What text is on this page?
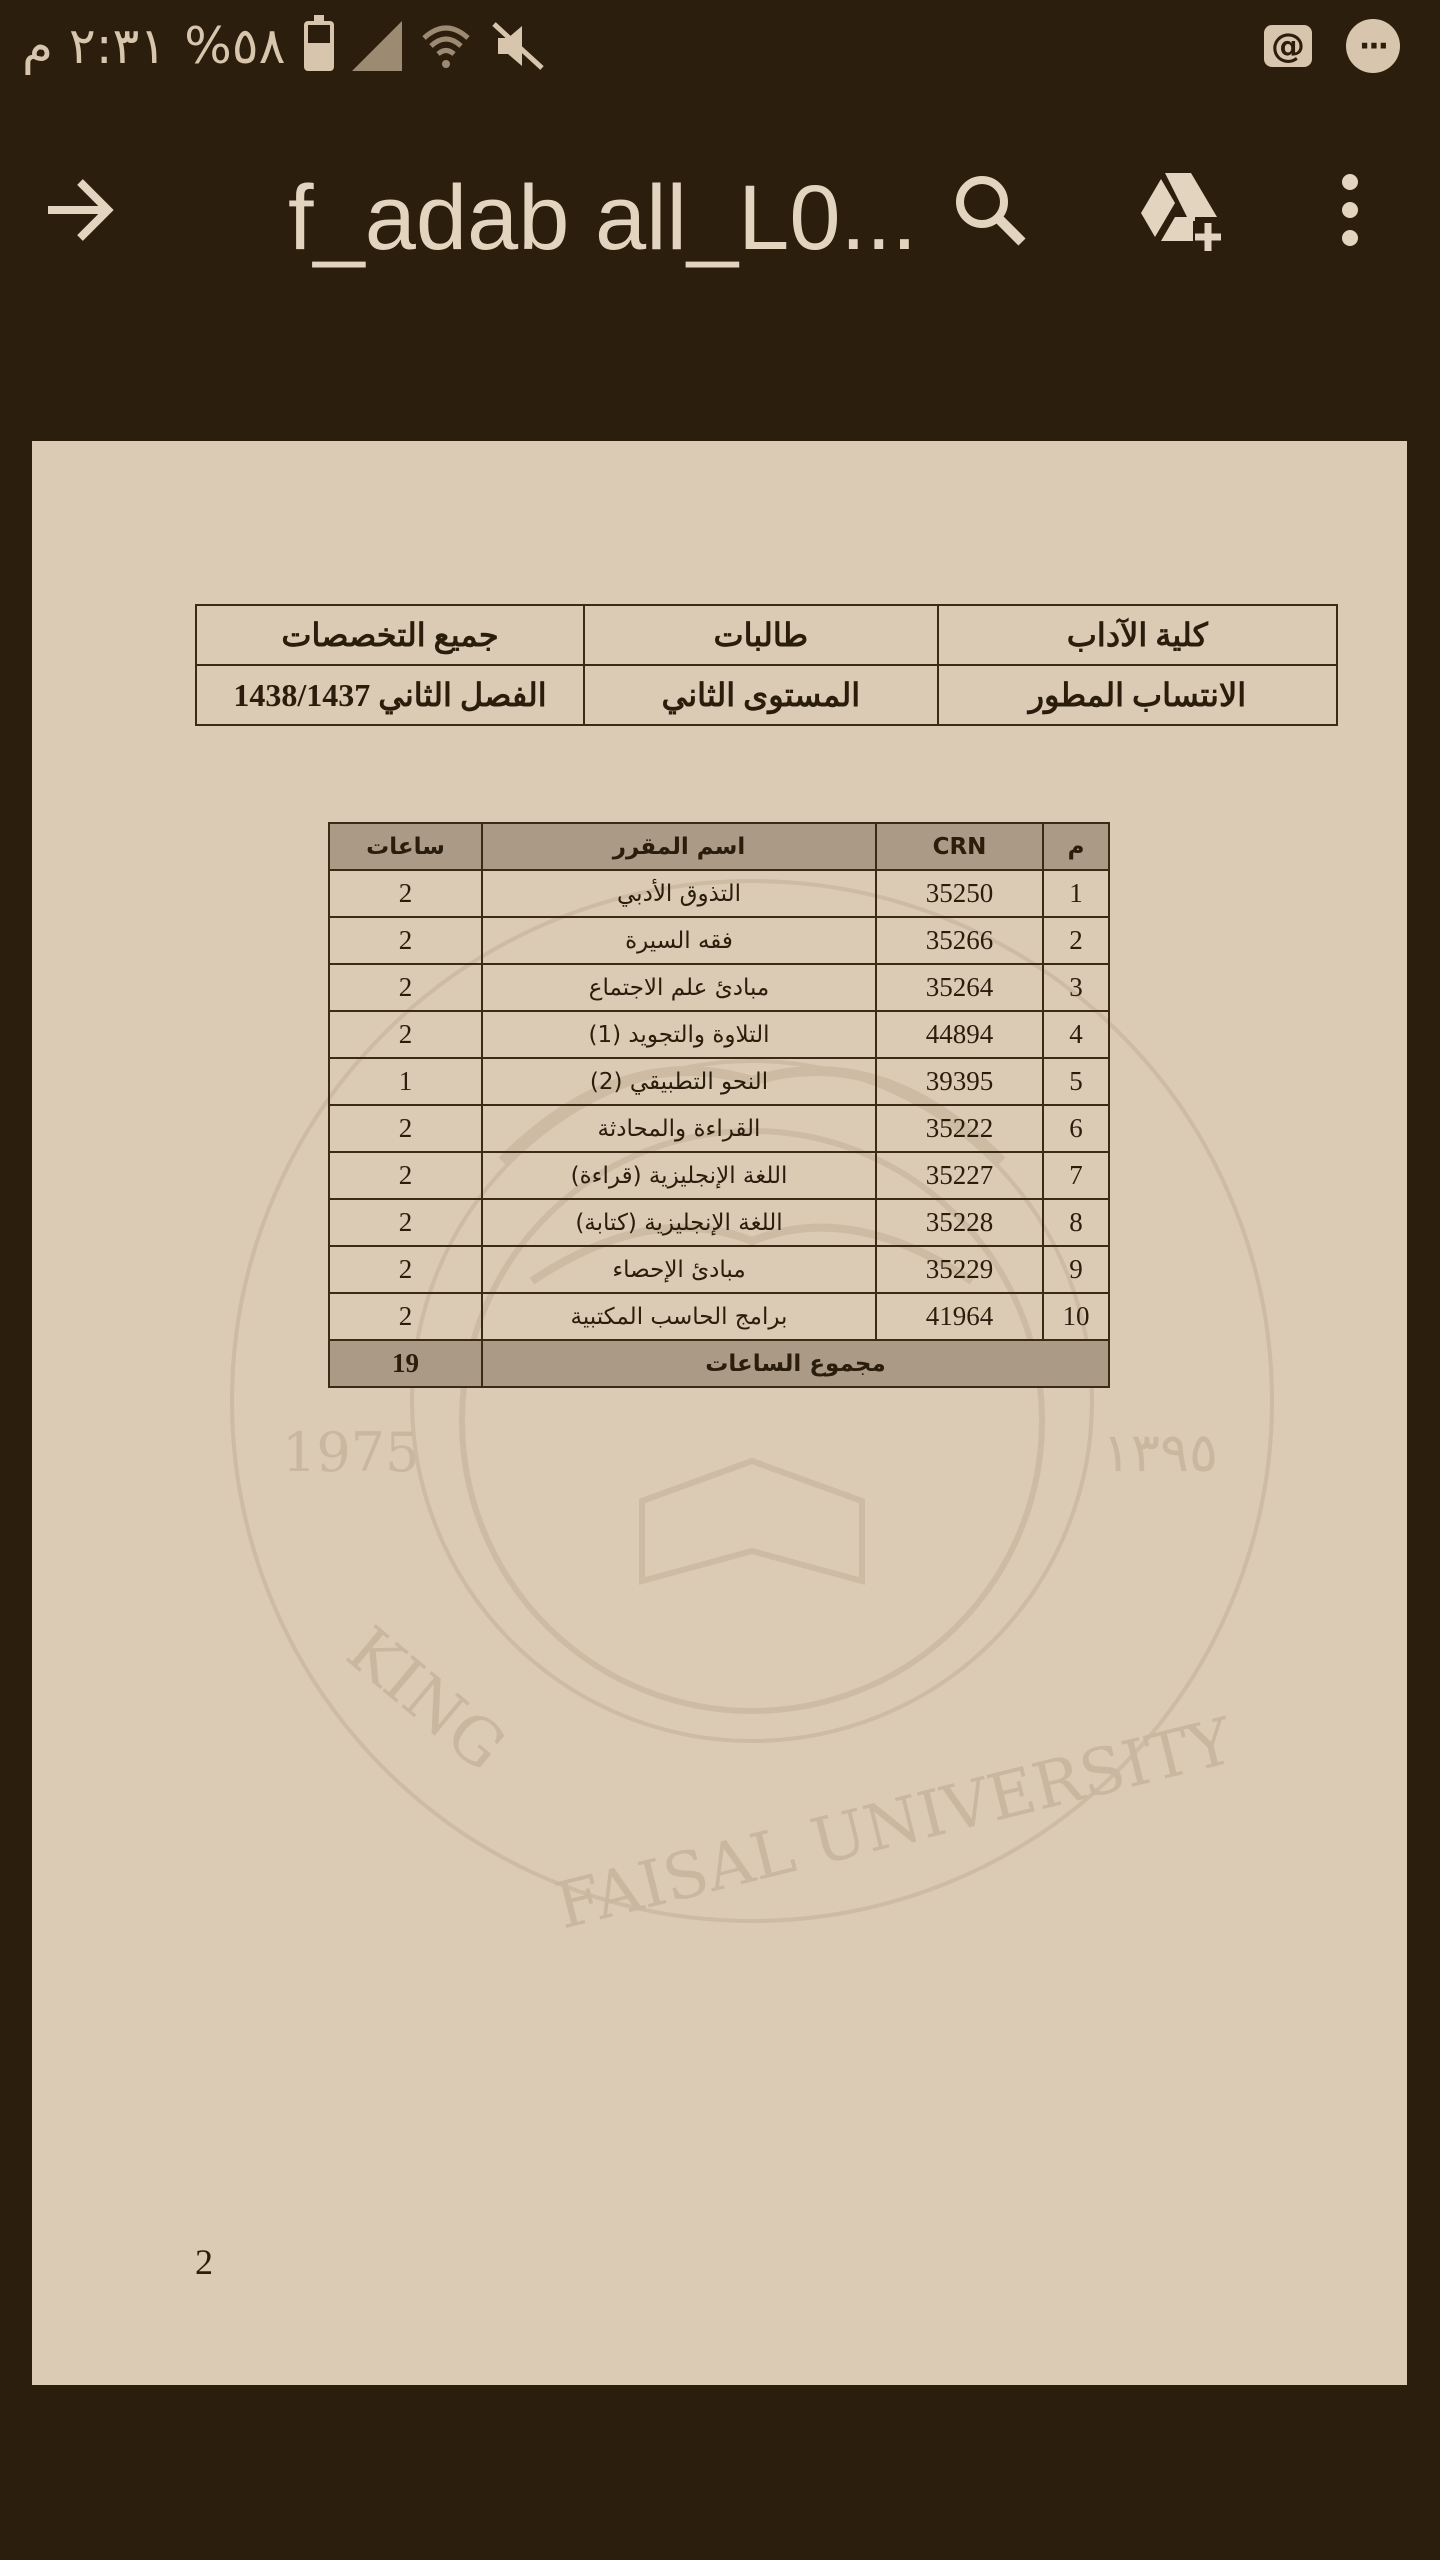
٢:٣١ م %٥٨	@	···
f_adab all_L0...
1975	١٣٩٥
KING
FAISAL UNIVERSITY
كلية الآداب	طالبات	جميع التخصصات
الانتساب المطور	المستوى الثاني	الفصل الثاني 1438/1437
م	CRN	اسم المقرر	ساعات
1	35250	التذوق الأدبي	2
2	35266	فقه السيرة	2
3	35264	مبادئ علم الاجتماع	2
4	44894	التلاوة والتجويد (1)	2
5	39395	النحو التطبيقي (2)	1
6	35222	القراءة والمحادثة	2
7	35227	اللغة الإنجليزية (قراءة)	2
8	35228	اللغة الإنجليزية (كتابة)	2
9	35229	مبادئ الإحصاء	2
10	41964	برامج الحاسب المكتبية	2
مجموع الساعات			19
2
